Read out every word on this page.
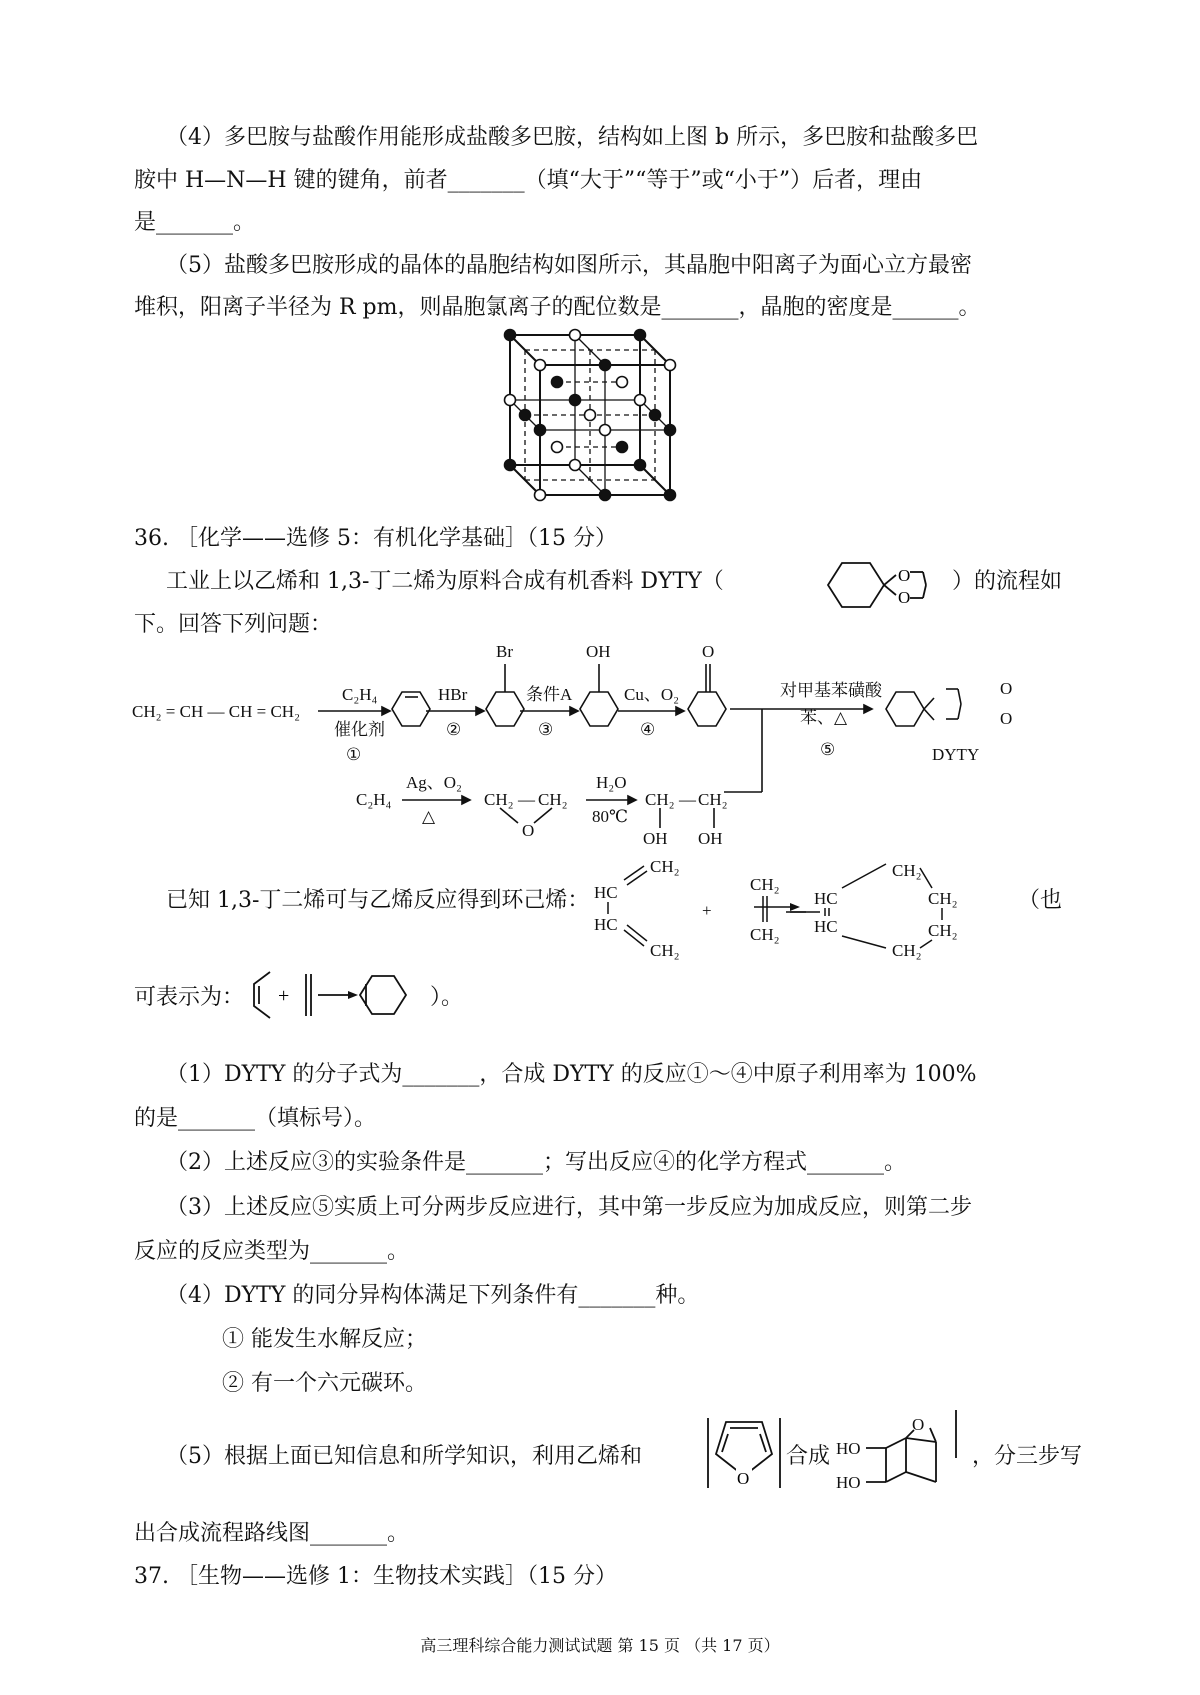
（4）多巴胺与盐酸作用能形成盐酸多巴胺，结构如上图 b 所示，多巴胺和盐酸多巴
胺中 H—N—H 键的键角，前者_______（填“大于”“等于”或“小于”）后者，理由
是_______。
（5）盐酸多巴胺形成的晶体的晶胞结构如图所示，其晶胞中阳离子为面心立方最密
堆积，阳离子半径为 R pm，则晶胞氯离子的配位数是_______，晶胞的密度是______。
36. ［化学——选修 5：有机化学基础］（15 分）
工业上以乙烯和 1,3-丁二烯为原料合成有机香料 DYTY（	O
O
）的流程如
下。回答下列问题：
CH₂ = CH — CH = CH₂
C₂H₄
催化剂
①
HBr
②
Br
条件A
③
OH
Cu、O₂
④
O
对甲基苯磺酸
苯、△
⑤
O
O
DYTY
C₂H₄
Ag、O₂
△
CH₂ — CH₂
O
H₂O
80℃
CH₂ — CH₂
OH OH
已知 1,3-丁二烯可与乙烯反应得到环己烯：
CH₂
HC
HC
CH₂
+
CH₂
CH₂
CH₂
HC
HC
CH₂
CH₂
CH₂
（也
可表示为： +	）。
（1）DYTY 的分子式为_______，合成 DYTY 的反应①～④中原子利用率为 100%
的是_______（填标号）。
（2）上述反应③的实验条件是_______；写出反应④的化学方程式_______。
（3）上述反应⑤实质上可分两步反应进行，其中第一步反应为加成反应，则第二步
反应的反应类型为_______。
（4）DYTY 的同分异构体满足下列条件有_______种。
① 能发生水解反应；
② 有一个六元碳环。
（5）根据上面已知信息和所学知识，利用乙烯和
O
合成 HO
HO
O
，分三步写
出合成流程路线图_______。
37. ［生物——选修 1：生物技术实践］（15 分）
高三理科综合能力测试试题 第 15 页 （共 17 页）
